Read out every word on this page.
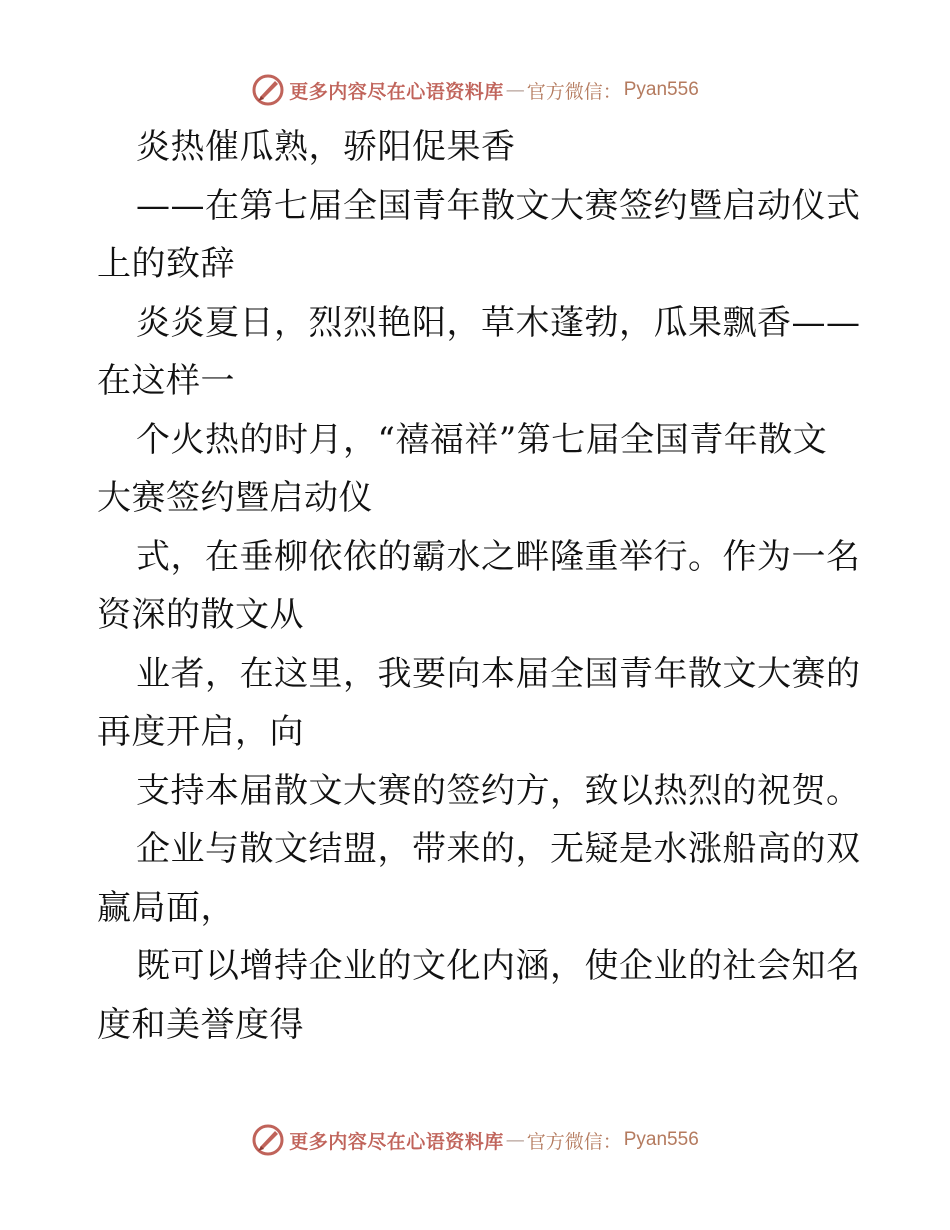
更多内容尽在心语资料库 — 官方微信： Pyan556
炎热催瓜熟，骄阳促果香
——在第七届全国青年散文大赛签约暨启动仪式
上的致辞
炎炎夏日，烈烈艳阳，草木蓬勃，瓜果飘香——
在这样一
个火热的时月，“禧福祥”第七届全国青年散文
大赛签约暨启动仪
式，在垂柳依依的霸水之畔隆重举行。作为一名
资深的散文从
业者，在这里，我要向本届全国青年散文大赛的
再度开启，向
支持本届散文大赛的签约方，致以热烈的祝贺。
企业与散文结盟，带来的，无疑是水涨船高的双
赢局面，
既可以增持企业的文化内涵，使企业的社会知名
度和美誉度得
更多内容尽在心语资料库 — 官方微信： Pyan556
